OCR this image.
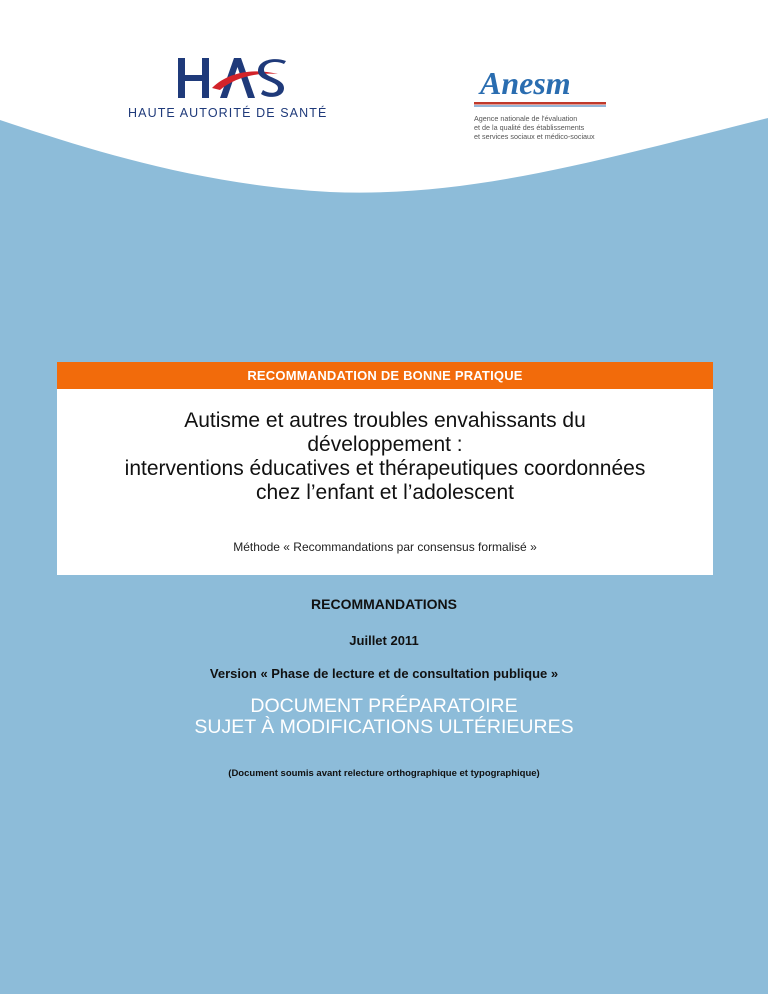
HAUTE AUTORITÉ DE SANTÉ
Anesm
Agence nationale de l'évaluation
et de la qualité des établissements
et services sociaux et médico-sociaux
RECOMMANDATION DE BONNE PRATIQUE
Autisme et autres troubles envahissants du
développement :
interventions éducatives et thérapeutiques coordonnées
chez l’enfant et l’adolescent
Méthode « Recommandations par consensus formalisé »
RECOMMANDATIONS
Juillet 2011
Version « Phase de lecture et de consultation publique »
DOCUMENT PRÉPARATOIRE
SUJET À MODIFICATIONS ULTÉRIEURES
(Document soumis avant relecture orthographique et typographique)
